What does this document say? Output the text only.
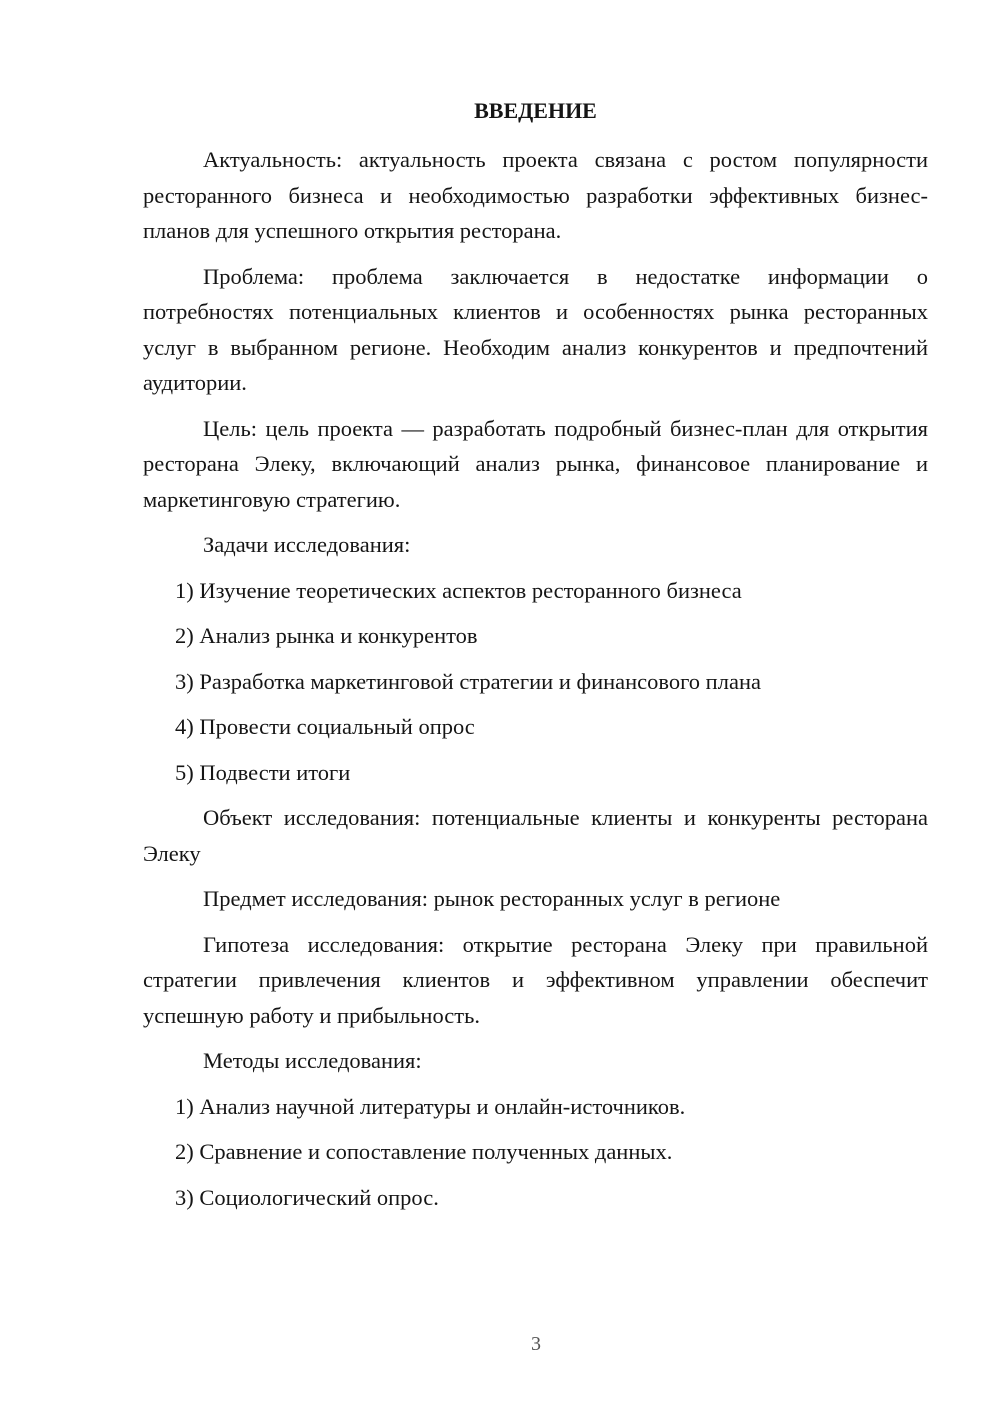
ВВЕДЕНИЕ

Актуальность: актуальность проекта связана с ростом популярности ресторанного бизнеса и необходимостью разработки эффективных бизнес-планов для успешного открытия ресторана.

Проблема: проблема заключается в недостатке информации о потребностях потенциальных клиентов и особенностях рынка ресторанных услуг в выбранном регионе. Необходим анализ конкурентов и предпочтений аудитории.

Цель: цель проекта — разработать подробный бизнес-план для открытия ресторана Элеку, включающий анализ рынка, финансовое планирование и маркетинговую стратегию.

Задачи исследования:

1) Изучение теоретических аспектов ресторанного бизнеса
2) Анализ рынка и конкурентов
3) Разработка маркетинговой стратегии и финансового плана
4) Провести социальный опрос
5) Подвести итоги

Объект исследования: потенциальные клиенты и конкуренты ресторана Элеку

Предмет исследования: рынок ресторанных услуг в регионе

Гипотеза исследования: открытие ресторана Элеку при правильной стратегии привлечения клиентов и эффективном управлении обеспечит успешную работу и прибыльность.

Методы исследования:

1) Анализ научной литературы и онлайн-источников.
2) Сравнение и сопоставление полученных данных.
3) Социологический опрос.
3
